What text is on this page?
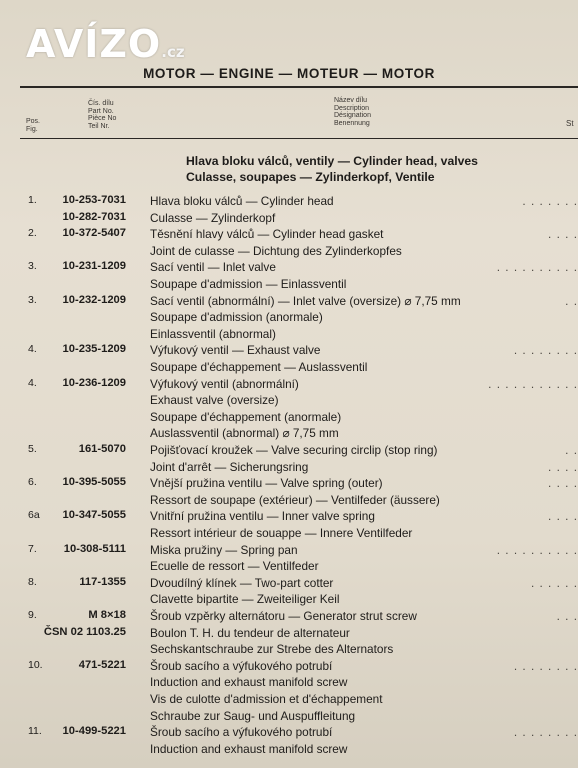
AVÍZO.cz
MOTOR — ENGINE — MOTEUR — MOTOR
Pos.
Fig.
Čís. dílu
Part No.
Pièce No
Teil Nr.
Název dílu
Description
Désignation
Benennung	St
Hlava bloku válců, ventily — Cylinder head, valves
Culasse, soupapes — Zylinderkopf, Ventile
1. 10-253-7031 Hlava bloku válců — Cylinder head	. . . . . . .
10-282-7031 Culasse — Zylinderkopf
2. 10-372-5407 Těsnění hlavy válců — Cylinder head gasket	. . . .
Joint de culasse — Dichtung des Zylinderkopfes
3. 10-231-1209 Sací ventil — Inlet valve	. . . . . . . . . .
Soupape d'admission — Einlassventil
3. 10-232-1209 Sací ventil (abnormální) — Inlet valve (oversize) ⌀ 7,75 mm	. .
Soupape d'admission (anormale)
Einlassventil (abnormal)
4. 10-235-1209 Výfukový ventil — Exhaust valve	. . . . . . . .
Soupape d'échappement — Auslassventil
4. 10-236-1209 Výfukový ventil (abnormální)	. . . . . . . . . . .
Exhaust valve (oversize)
Soupape d'échappement (anormale)
Auslassventil (abnormal) ⌀ 7,75 mm
5.	161-5070 Pojišťovací kroužek — Valve securing circlip (stop ring)	. .
Joint d'arrêt — Sicherungsring	. . . .
6. 10-395-5055 Vnější pružina ventilu — Valve spring (outer)	. . . .
Ressort de soupape (extérieur) — Ventilfeder (äussere)
6a 10-347-5055 Vnitřní pružina ventilu — Inner valve spring	. . . .
Ressort intérieur de souappe — Innere Ventilfeder
7. 10-308-5111 Miska pružiny — Spring pan	. . . . . . . . . .
Ecuelle de ressort — Ventilfeder
8.	117-1355 Dvoudílný klínek — Two-part cotter	. . . . . .
Clavette bipartite — Zweiteiliger Keil
9.	M 8×18 Šroub vzpěrky alternátoru — Generator strut screw	. . .
ČSN 02 1103.25 Boulon T. H. du tendeur de alternateur
Sechskantschraube zur Strebe des Alternators
10.	471-5221 Šroub sacího a výfukového potrubí	. . . . . . . .
Induction and exhaust manifold screw
Vis de culotte d'admission et d'échappement
Schraube zur Saug- und Auspuffleitung
11. 10-499-5221 Šroub sacího a výfukového potrubí	. . . . . . . .
Induction and exhaust manifold screw
